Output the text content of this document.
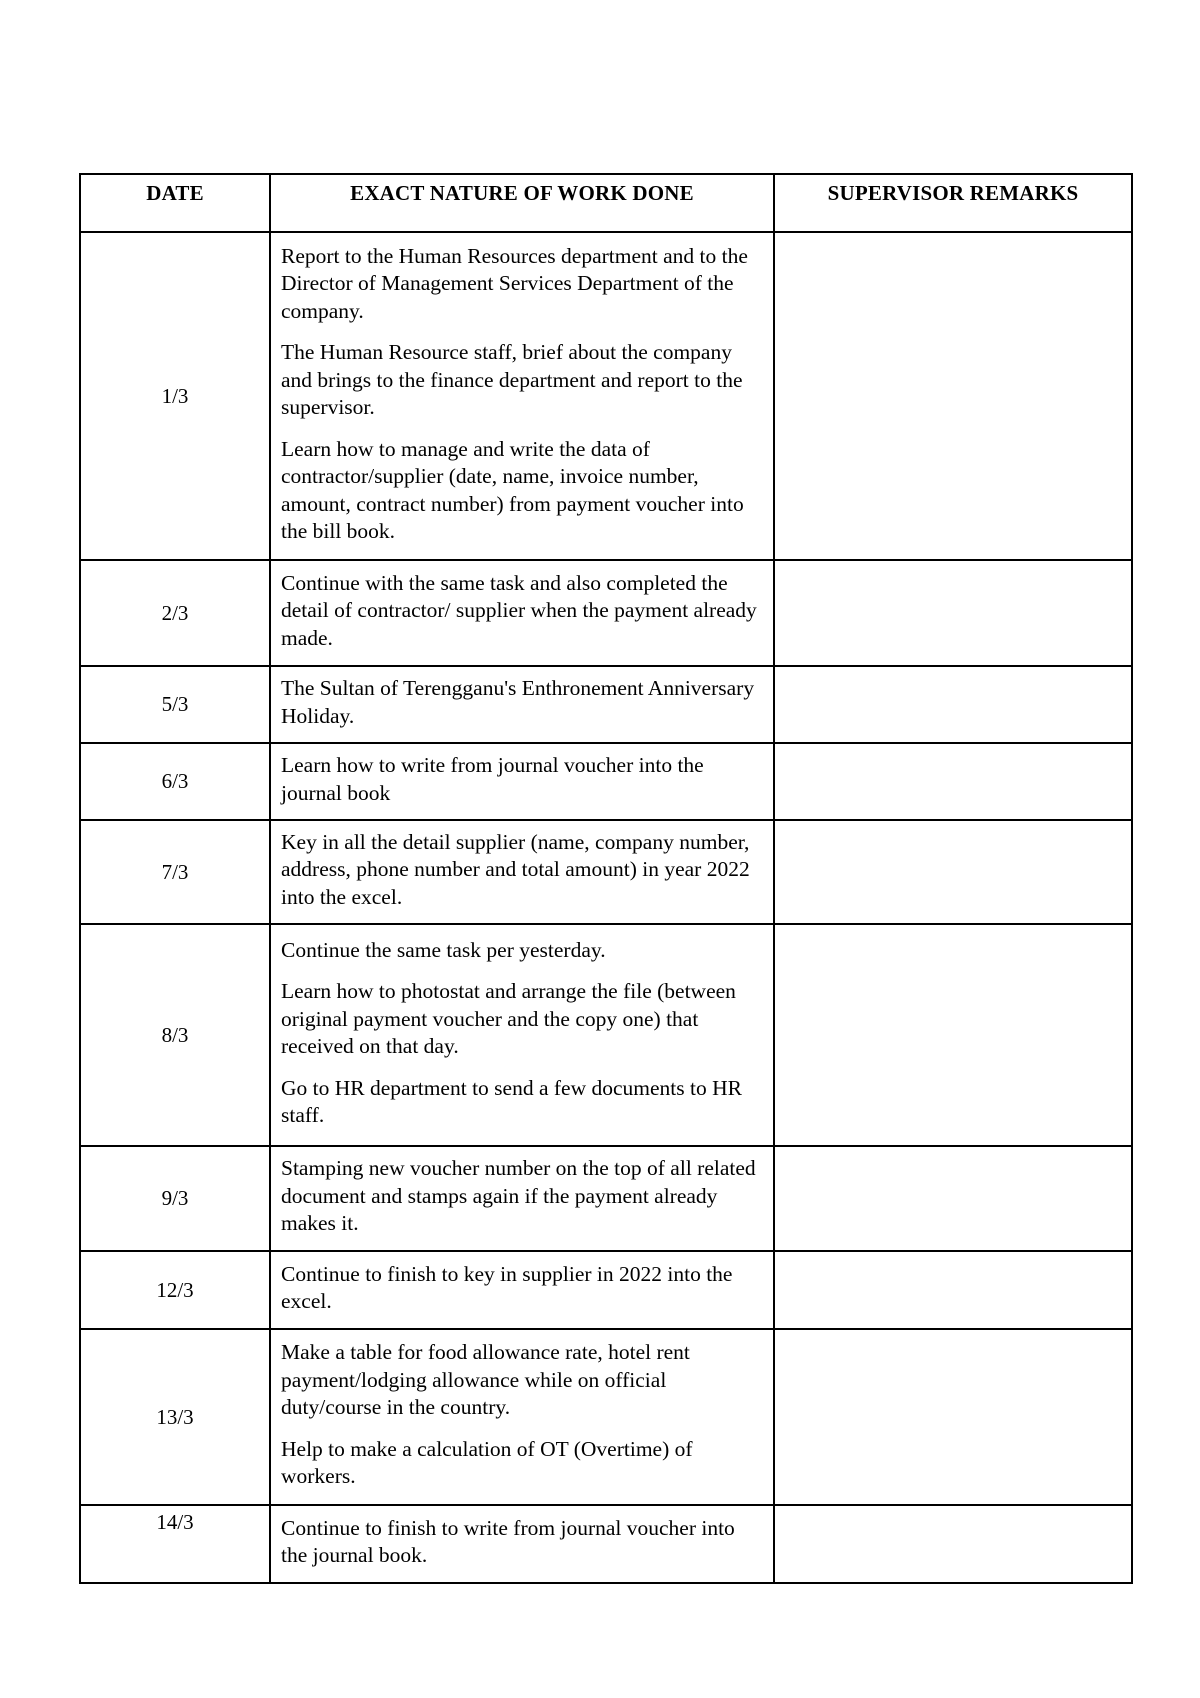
DATE	EXACT NATURE OF WORK DONE	SUPERVISOR REMARKS
1/3	Report to the Human Resources department and to the Director of Management Services Department of the company.

The Human Resource staff, brief about the company and brings to the finance department and report to the supervisor.

Learn how to manage and write the data of contractor/supplier (date, name, invoice number, amount, contract number) from payment voucher into the bill book.	

2/3	Continue with the same task and also completed the detail of contractor/ supplier when the payment already made.	

5/3	The Sultan of Terengganu's Enthronement Anniversary Holiday.	

6/3	Learn how to write from journal voucher into the journal book	

7/3	Key in all the detail supplier (name, company number, address, phone number and total amount) in year 2022 into the excel.	

8/3	Continue the same task per yesterday.

Learn how to photostat and arrange the file (between original payment voucher and the copy one) that received on that day.

Go to HR department to send a few documents to HR staff.	

9/3	Stamping new voucher number on the top of all related document and stamps again if the payment already makes it.	

12/3	Continue to finish to key in supplier in 2022 into the excel.	

13/3	Make a table for food allowance rate, hotel rent payment/lodging allowance while on official duty/course in the country.

Help to make a calculation of OT (Overtime) of workers.	

14/3	Continue to finish to write from journal voucher into the journal book.	
